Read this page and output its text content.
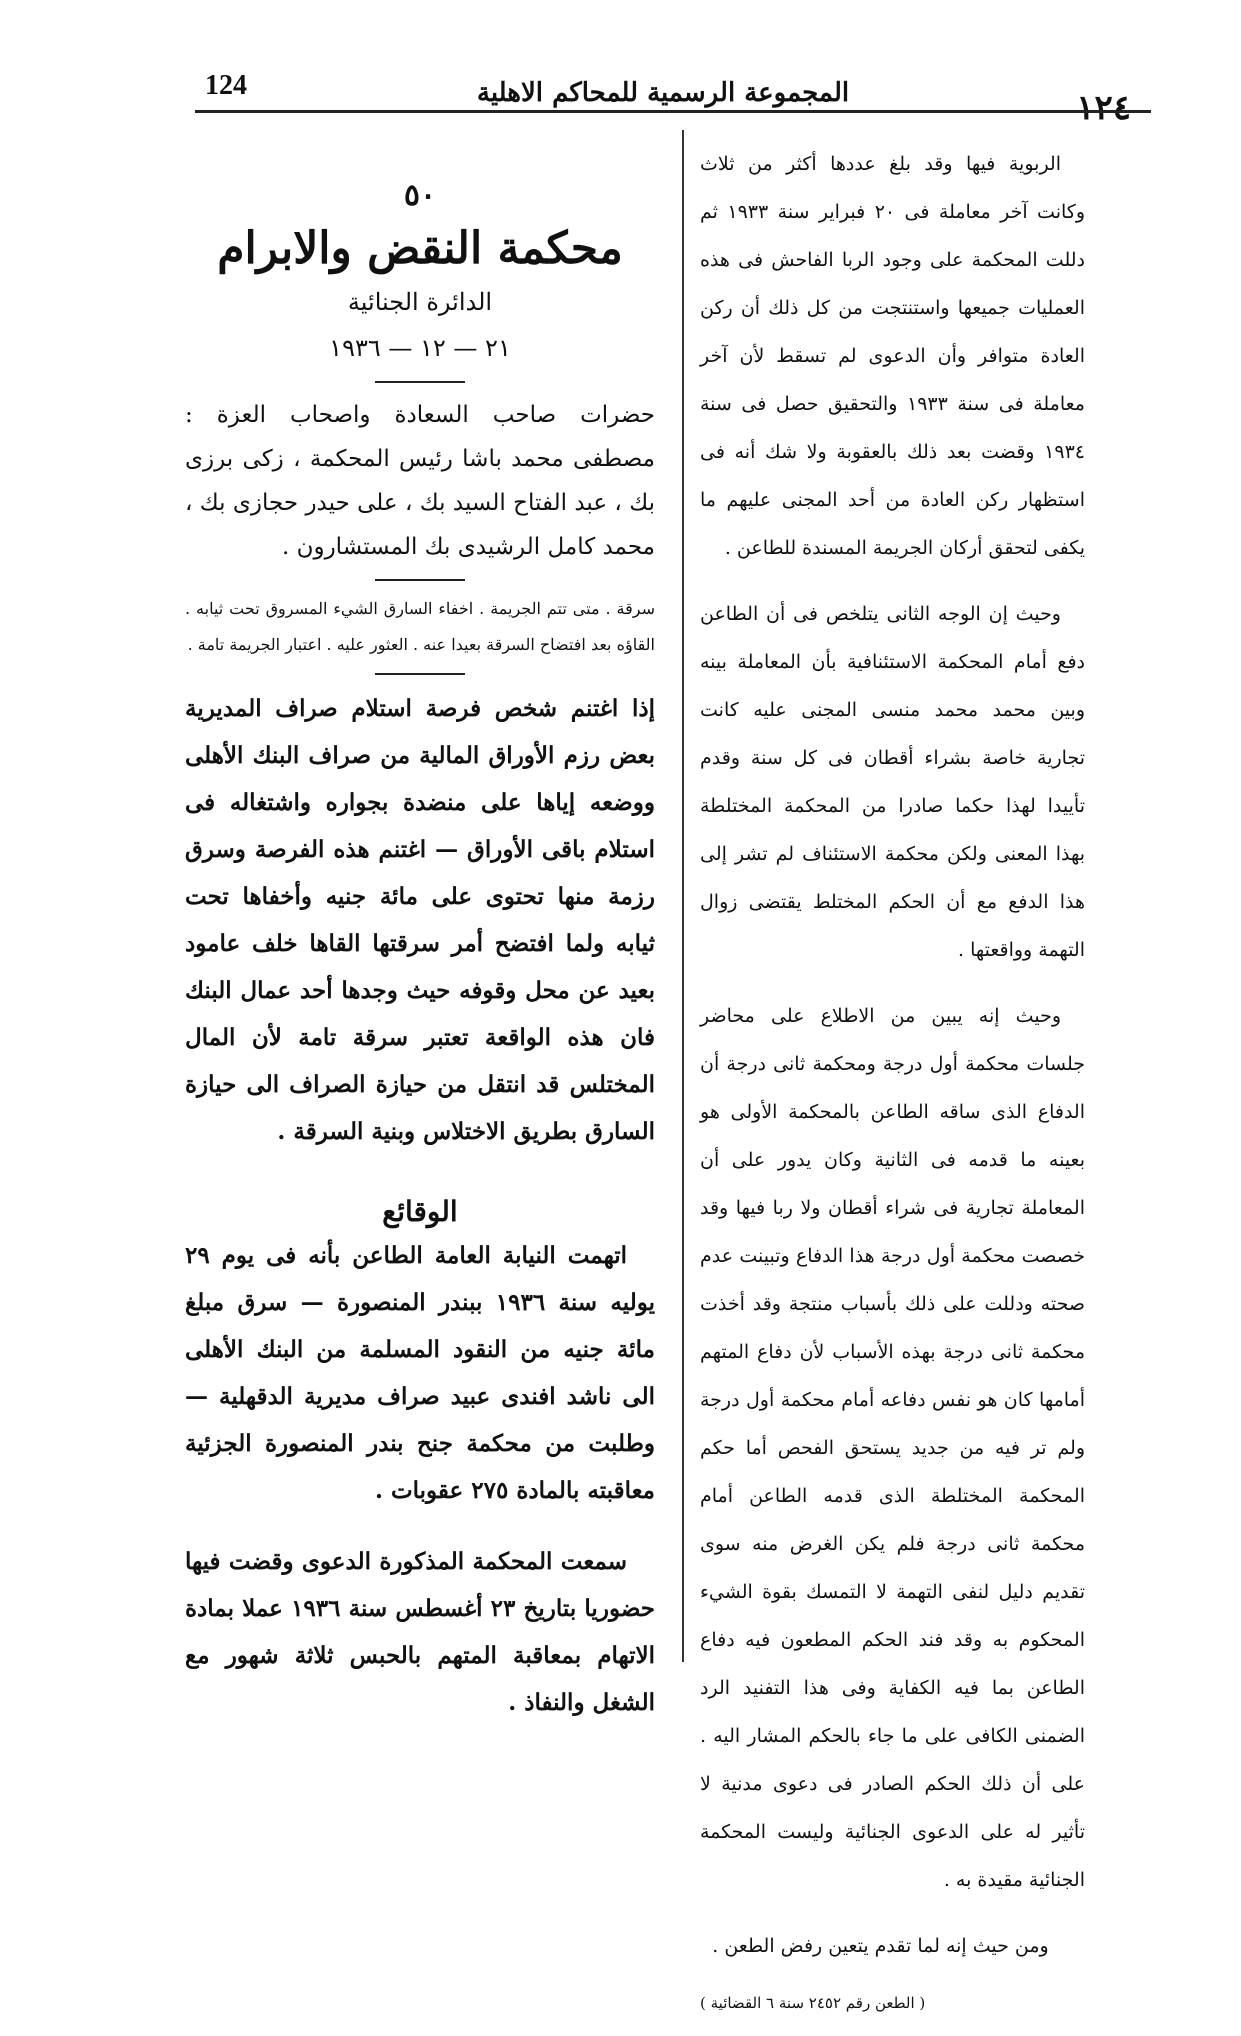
١٢٤
المجموعة الرسمية للمحاكم الاهلية
124

الربوية فيها وقد بلغ عددها أكثر من ثلاث وكانت آخر معاملة فى ٢٠ فبراير سنة ١٩٣٣ ثم دللت المحكمة على وجود الربا الفاحش فى هذه العمليات جميعها واستنتجت من كل ذلك أن ركن العادة متوافر وأن الدعوى لم تسقط لأن آخر معاملة فى سنة ١٩٣٣ والتحقيق حصل فى سنة ١٩٣٤ وقضت بعد ذلك بالعقوبة ولا شك أنه فى استظهار ركن العادة من أحد المجنى عليهم ما يكفى لتحقق أركان الجريمة المسندة للطاعن .

وحيث إن الوجه الثانى يتلخص فى أن الطاعن دفع أمام المحكمة الاستئنافية بأن المعاملة بينه وبين محمد محمد منسى المجنى عليه كانت تجارية خاصة بشراء أقطان فى كل سنة وقدم تأييدا لهذا حكما صادرا من المحكمة المختلطة بهذا المعنى ولكن محكمة الاستئناف لم تشر إلى هذا الدفع مع أن الحكم المختلط يقتضى زوال التهمة وواقعتها .

وحيث إنه يبين من الاطلاع على محاضر جلسات محكمة أول درجة ومحكمة ثانى درجة أن الدفاع الذى ساقه الطاعن بالمحكمة الأولى هو بعينه ما قدمه فى الثانية وكان يدور على أن المعاملة تجارية فى شراء أقطان ولا ربا فيها وقد خصصت محكمة أول درجة هذا الدفاع وتبينت عدم صحته ودللت على ذلك بأسباب منتجة وقد أخذت محكمة ثانى درجة بهذه الأسباب لأن دفاع المتهم أمامها كان هو نفس دفاعه أمام محكمة أول درجة ولم تر فيه من جديد يستحق الفحص أما حكم المحكمة المختلطة الذى قدمه الطاعن أمام محكمة ثانى درجة فلم يكن الغرض منه سوى تقديم دليل لنفى التهمة لا التمسك بقوة الشيء المحكوم به وقد فند الحكم المطعون فيه دفاع الطاعن بما فيه الكفاية وفى هذا التفنيد الرد الضمنى الكافى على ما جاء بالحكم المشار اليه . على أن ذلك الحكم الصادر فى دعوى مدنية لا تأثير له على الدعوى الجنائية وليست المحكمة الجنائية مقيدة به .

ومن حيث إنه لما تقدم يتعين رفض الطعن .

( الطعن رقم ٢٤٥٢ سنة ٦ القضائية )

٥٠
محكمة النقض والابرام
الدائرة الجنائية
٢١ — ١٢ — ١٩٣٦

حضرات صاحب السعادة واصحاب العزة : مصطفى محمد باشا رئيس المحكمة ، زكى برزى بك ، عبد الفتاح السيد بك ، على حيدر حجازى بك ، محمد كامل الرشيدى بك المستشارون .

سرقة . متى تتم الجريمة . اخفاء السارق الشيء المسروق تحت ثيابه . القاؤه بعد افتضاح السرقة بعيدا عنه . العثور عليه . اعتبار الجريمة تامة .

إذا اغتنم شخص فرصة استلام صراف المديرية بعض رزم الأوراق المالية من صراف البنك الأهلى ووضعه إياها على منضدة بجواره واشتغاله فى استلام باقى الأوراق — اغتنم هذه الفرصة وسرق رزمة منها تحتوى على مائة جنيه وأخفاها تحت ثيابه ولما افتضح أمر سرقتها القاها خلف عامود بعيد عن محل وقوفه حيث وجدها أحد عمال البنك فان هذه الواقعة تعتبر سرقة تامة لأن المال المختلس قد انتقل من حيازة الصراف الى حيازة السارق بطريق الاختلاس وبنية السرقة .

الوقائع

اتهمت النيابة العامة الطاعن بأنه فى يوم ٢٩ يوليه سنة ١٩٣٦ ببندر المنصورة — سرق مبلغ مائة جنيه من النقود المسلمة من البنك الأهلى الى ناشد افندى عبيد صراف مديرية الدقهلية — وطلبت من محكمة جنح بندر المنصورة الجزئية معاقبته بالمادة ٢٧٥ عقوبات .

سمعت المحكمة المذكورة الدعوى وقضت فيها حضوريا بتاريخ ٢٣ أغسطس سنة ١٩٣٦ عملا بمادة الاتهام بمعاقبة المتهم بالحبس ثلاثة شهور مع الشغل والنفاذ .
